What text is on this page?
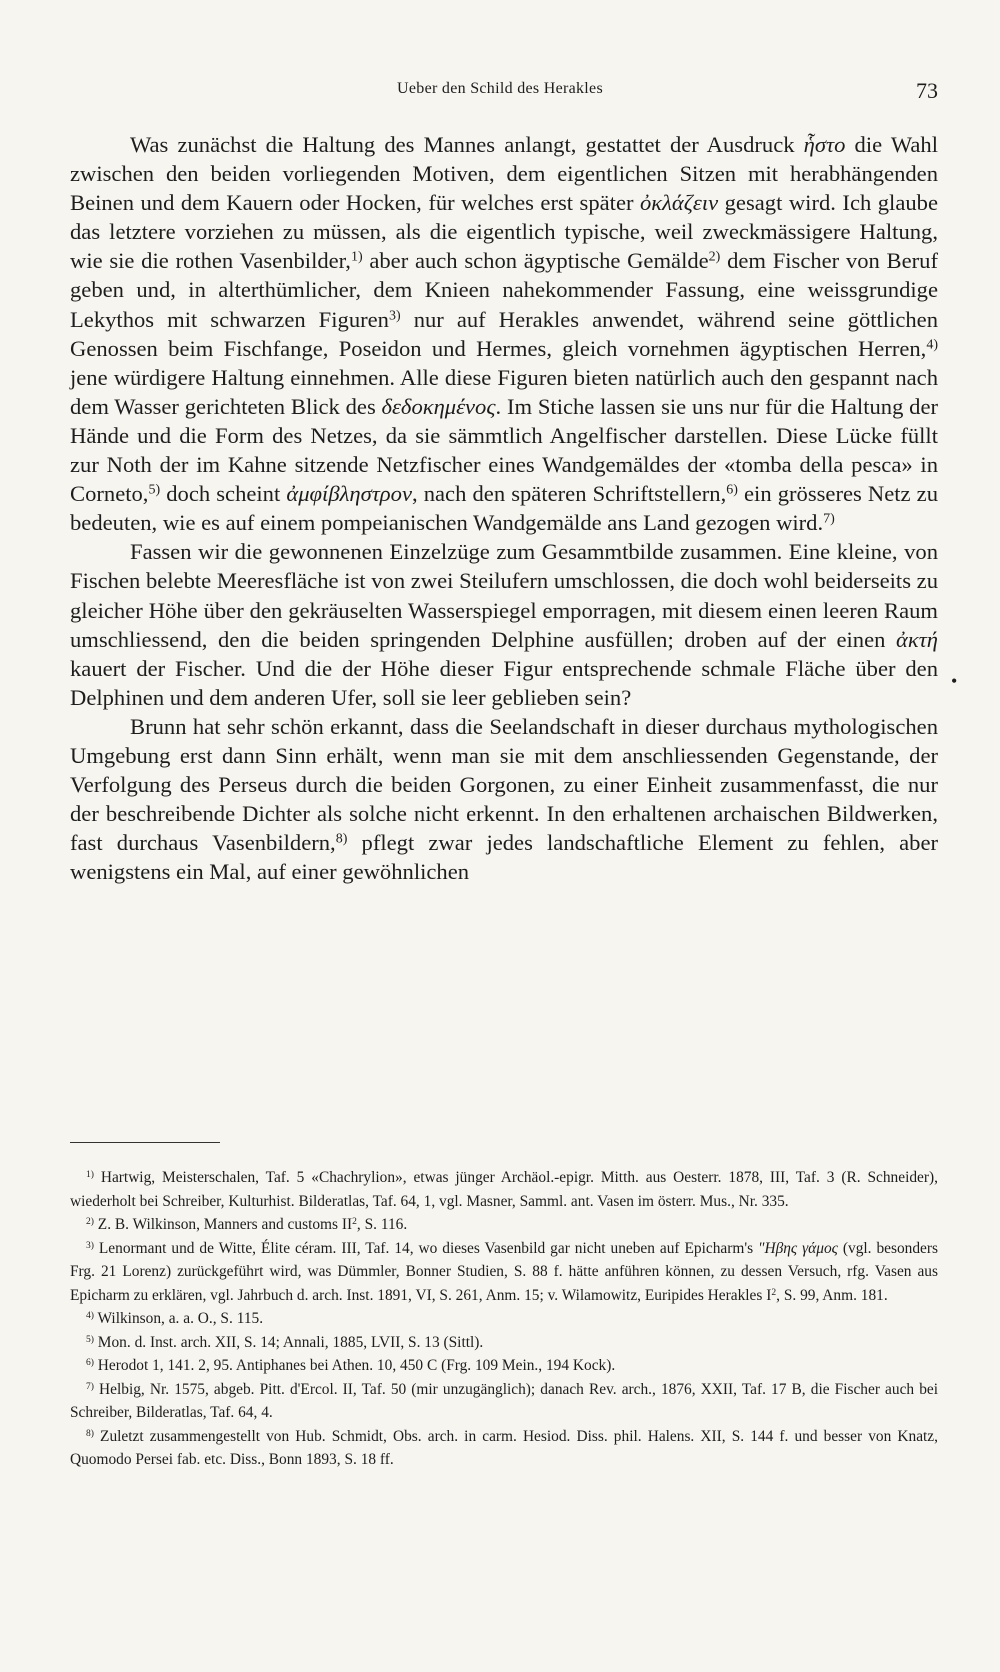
Ueber den Schild des Herakles	73

Was zunächst die Haltung des Mannes anlangt, gestattet der Ausdruck ἧστο die Wahl zwischen den beiden vorliegenden Motiven, dem eigentlichen Sitzen mit herabhängenden Beinen und dem Kauern oder Hocken, für welches erst später ὀκλάζειν gesagt wird. Ich glaube das letztere vorziehen zu müssen, als die eigentlich typische, weil zweckmässigere Haltung, wie sie die rothen Vasenbilder,$^{1)}$ aber auch schon ägyptische Gemälde$^{2)}$ dem Fischer von Beruf geben und, in alterthümlicher, dem Knieen nahekommender Fassung, eine weissgrundige Lekythos mit schwarzen Figuren$^{3)}$ nur auf Herakles anwendet, während seine göttlichen Genossen beim Fischfange, Poseidon und Hermes, gleich vornehmen ägyptischen Herren,$^{4)}$ jene würdigere Haltung einnehmen. Alle diese Figuren bieten natürlich auch den gespannt nach dem Wasser gerichteten Blick des δεδοκημένος. Im Stiche lassen sie uns nur für die Haltung der Hände und die Form des Netzes, da sie sämmtlich Angelfischer darstellen. Diese Lücke füllt zur Noth der im Kahne sitzende Netzfischer eines Wandgemäldes der «tomba della pesca» in Corneto,$^{5)}$ doch scheint ἀμφίβληστρον, nach den späteren Schriftstellern,$^{6)}$ ein grösseres Netz zu bedeuten, wie es auf einem pompeianischen Wandgemälde ans Land gezogen wird.$^{7)}$

Fassen wir die gewonnenen Einzelzüge zum Gesammtbilde zusammen. Eine kleine, von Fischen belebte Meeresfläche ist von zwei Steilufern umschlossen, die doch wohl beiderseits zu gleicher Höhe über den gekräuselten Wasserspiegel emporragen, mit diesem einen leeren Raum umschliessend, den die beiden springenden Delphine ausfüllen; droben auf der einen ἀκτή kauert der Fischer. Und die der Höhe dieser Figur entsprechende schmale Fläche über den Delphinen und dem anderen Ufer, soll sie leer geblieben sein?

Brunn hat sehr schön erkannt, dass die Seelandschaft in dieser durchaus mythologischen Umgebung erst dann Sinn erhält, wenn man sie mit dem anschliessenden Gegenstande, der Verfolgung des Perseus durch die beiden Gorgonen, zu einer Einheit zusammenfasst, die nur der beschreibende Dichter als solche nicht erkennt. In den erhaltenen archaischen Bildwerken, fast durchaus Vasenbildern,$^{8)}$ pflegt zwar jedes landschaftliche Element zu fehlen, aber wenigstens ein Mal, auf einer gewöhnlichen

•

$^{1)}$ Hartwig, Meisterschalen, Taf. 5 «Chachrylion», etwas jünger Archäol.-epigr. Mitth. aus Oesterr. 1878, III, Taf. 3 (R. Schneider), wiederholt bei Schreiber, Kulturhist. Bilderatlas, Taf. 64, 1, vgl. Masner, Samml. ant. Vasen im österr. Mus., Nr. 335.

$^{2)}$ Z. B. Wilkinson, Manners and customs $II^2$, S. 116.

$^{3)}$ Lenormant und de Witte, Élite céram. III, Taf. 14, wo dieses Vasenbild gar nicht uneben auf Epicharm's "Ηβης γάμος (vgl. besonders Frg. 21 Lorenz) zurückgeführt wird, was Dümmler, Bonner Studien, S. 88 f. hätte anführen können, zu dessen Versuch, rfg. Vasen aus Epicharm zu erklären, vgl. Jahrbuch d. arch. Inst. 1891, VI, S. 261, Anm. 15; v. Wilamowitz, Euripides Herakles $I^2$, S. 99, Anm. 181.

$^{4)}$ Wilkinson, a. a. O., S. 115.

$^{5)}$ Mon. d. Inst. arch. XII, S. 14; Annali, 1885, LVII, S. 13 (Sittl).

$^{6)}$ Herodot 1, 141. 2, 95. Antiphanes bei Athen. 10, 450 C (Frg. 109 Mein., 194 Kock).

$^{7)}$ Helbig, Nr. 1575, abgeb. Pitt. d'Ercol. II, Taf. 50 (mir unzugänglich); danach Rev. arch., 1876, XXII, Taf. 17 B, die Fischer auch bei Schreiber, Bilderatlas, Taf. 64, 4.

$^{8)}$ Zuletzt zusammengestellt von Hub. Schmidt, Obs. arch. in carm. Hesiod. Diss. phil. Halens. XII, S. 144 f. und besser von Knatz, Quomodo Persei fab. etc. Diss., Bonn 1893, S. 18 ff.
